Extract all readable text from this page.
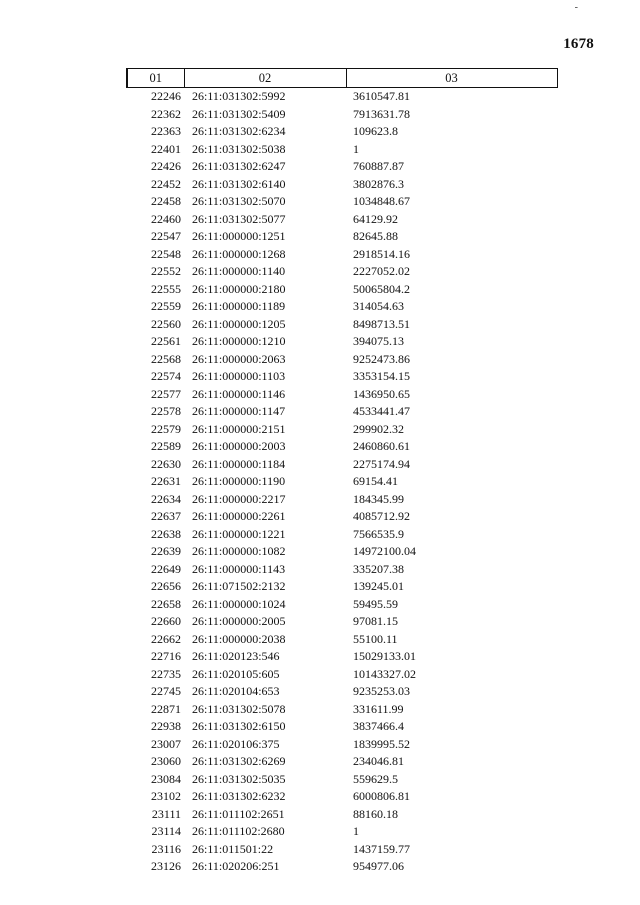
-
1678
01	02	03
22246	26:11:031302:5992	3610547.81
22362	26:11:031302:5409	7913631.78
22363	26:11:031302:6234	109623.8
22401	26:11:031302:5038	1
22426	26:11:031302:6247	760887.87
22452	26:11:031302:6140	3802876.3
22458	26:11:031302:5070	1034848.67
22460	26:11:031302:5077	64129.92
22547	26:11:000000:1251	82645.88
22548	26:11:000000:1268	2918514.16
22552	26:11:000000:1140	2227052.02
22555	26:11:000000:2180	50065804.2
22559	26:11:000000:1189	314054.63
22560	26:11:000000:1205	8498713.51
22561	26:11:000000:1210	394075.13
22568	26:11:000000:2063	9252473.86
22574	26:11:000000:1103	3353154.15
22577	26:11:000000:1146	1436950.65
22578	26:11:000000:1147	4533441.47
22579	26:11:000000:2151	299902.32
22589	26:11:000000:2003	2460860.61
22630	26:11:000000:1184	2275174.94
22631	26:11:000000:1190	69154.41
22634	26:11:000000:2217	184345.99
22637	26:11:000000:2261	4085712.92
22638	26:11:000000:1221	7566535.9
22639	26:11:000000:1082	14972100.04
22649	26:11:000000:1143	335207.38
22656	26:11:071502:2132	139245.01
22658	26:11:000000:1024	59495.59
22660	26:11:000000:2005	97081.15
22662	26:11:000000:2038	55100.11
22716	26:11:020123:546	15029133.01
22735	26:11:020105:605	10143327.02
22745	26:11:020104:653	9235253.03
22871	26:11:031302:5078	331611.99
22938	26:11:031302:6150	3837466.4
23007	26:11:020106:375	1839995.52
23060	26:11:031302:6269	234046.81
23084	26:11:031302:5035	559629.5
23102	26:11:031302:6232	6000806.81
23111	26:11:011102:2651	88160.18
23114	26:11:011102:2680	1
23116	26:11:011501:22	1437159.77
23126	26:11:020206:251	954977.06
